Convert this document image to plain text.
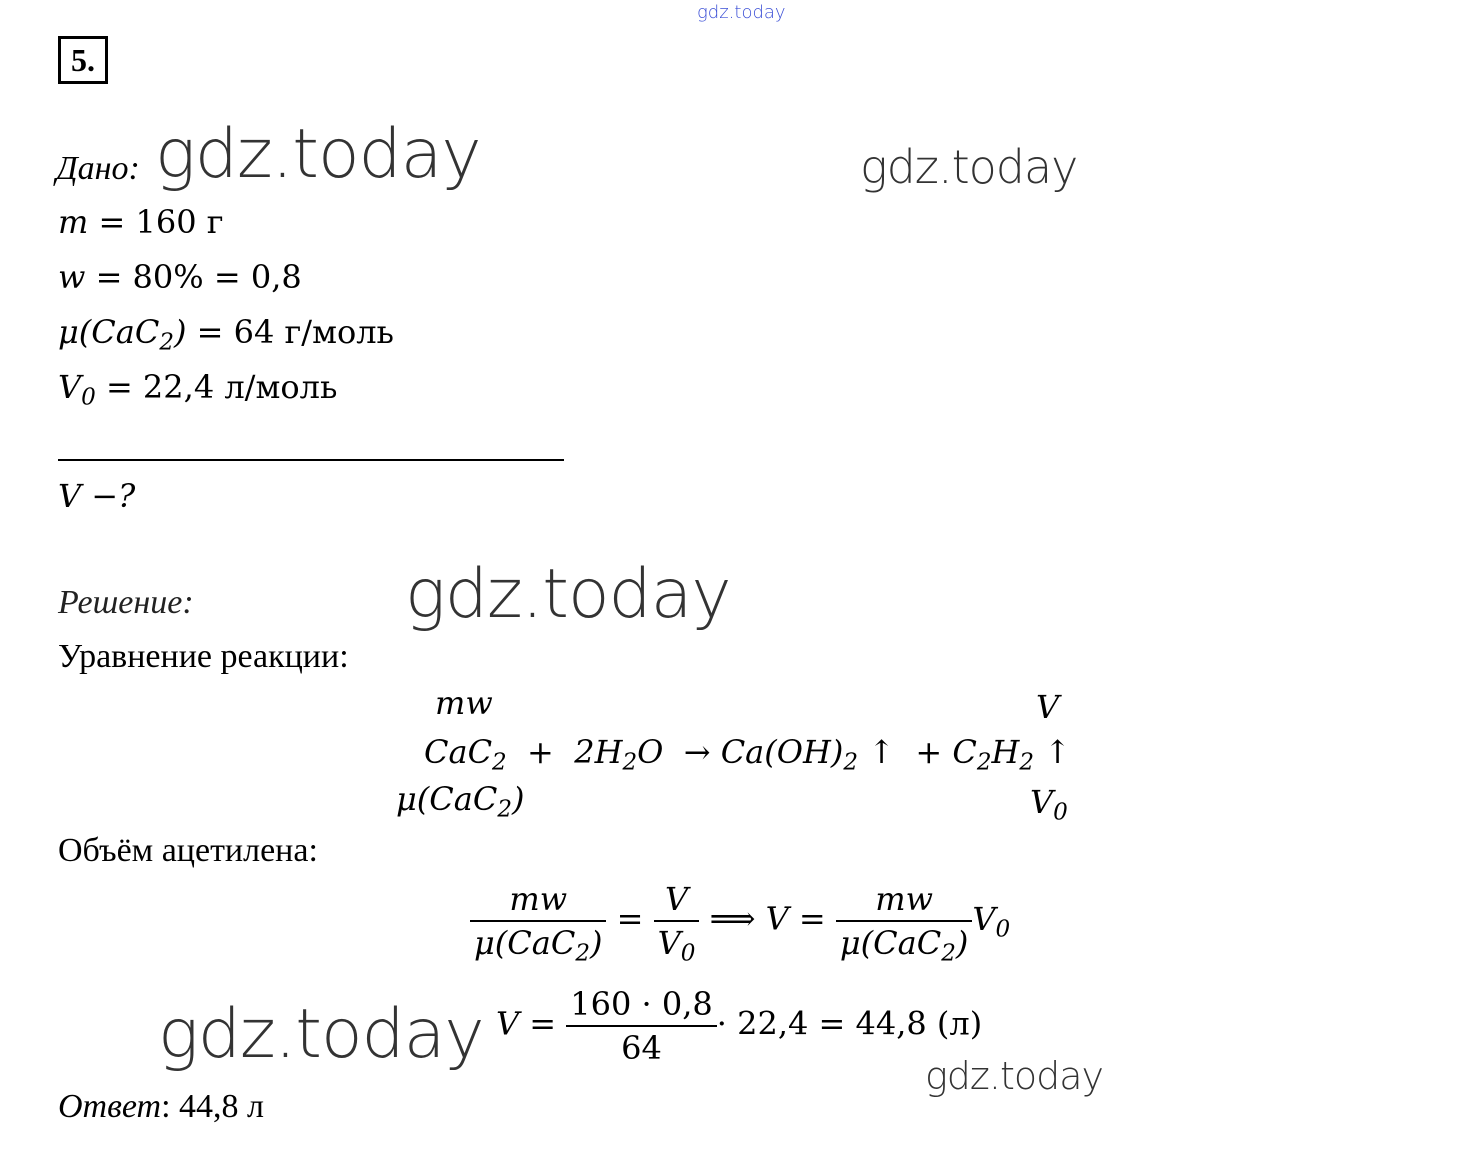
gdz.today
5.
Дано: gdz.today	gdz.today
m = 160 г
w = 80% = 0,8
μ(CaC$_2$) = 64 г/моль
$V_0 = 22,4$ л/моль
V −?
Решение:	gdz.today
Уравнение реакции:
mw	V
$CaC_2 + 2H_2O \to Ca(OH)_2$ ↑  + $C_2H_2$ ↑
μ(CaC$_2$)	$V_0$
Объём ацетилена:
$\frac{mw}{\mu(CaC_2)} = \frac{V}{V_0}$ ⟹ $V = \frac{mw}{\mu(CaC_2)} V_0$
gdz.today $V = \frac{160 \cdot 0,8}{64} \cdot 22,4 = 44,8$ (л)
gdz.today
Ответ: 44,8 л
